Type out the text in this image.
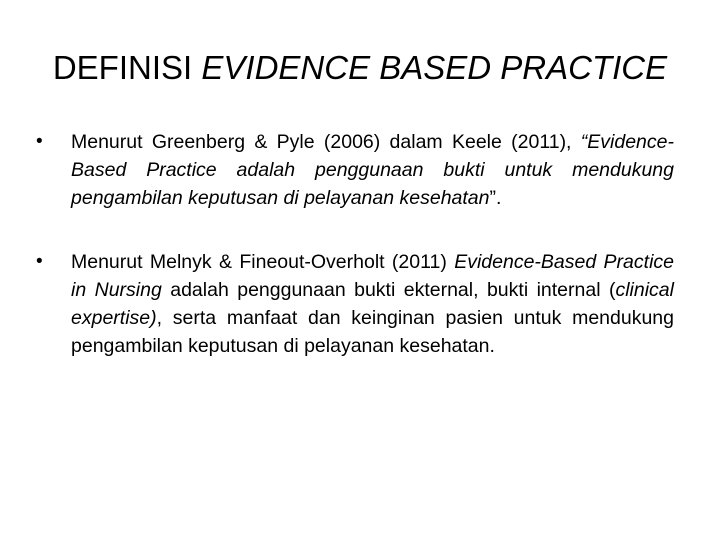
DEFINISI EVIDENCE BASED PRACTICE
• Menurut Greenberg & Pyle (2006) dalam Keele (2011), “Evidence-Based Practice adalah penggunaan bukti untuk mendukung pengambilan keputusan di pelayanan kesehatan”.
• Menurut Melnyk & Fineout-Overholt (2011) Evidence-Based Practice in Nursing adalah penggunaan bukti ekternal, bukti internal (clinical expertise), serta manfaat dan keinginan pasien untuk mendukung pengambilan keputusan di pelayanan kesehatan.
